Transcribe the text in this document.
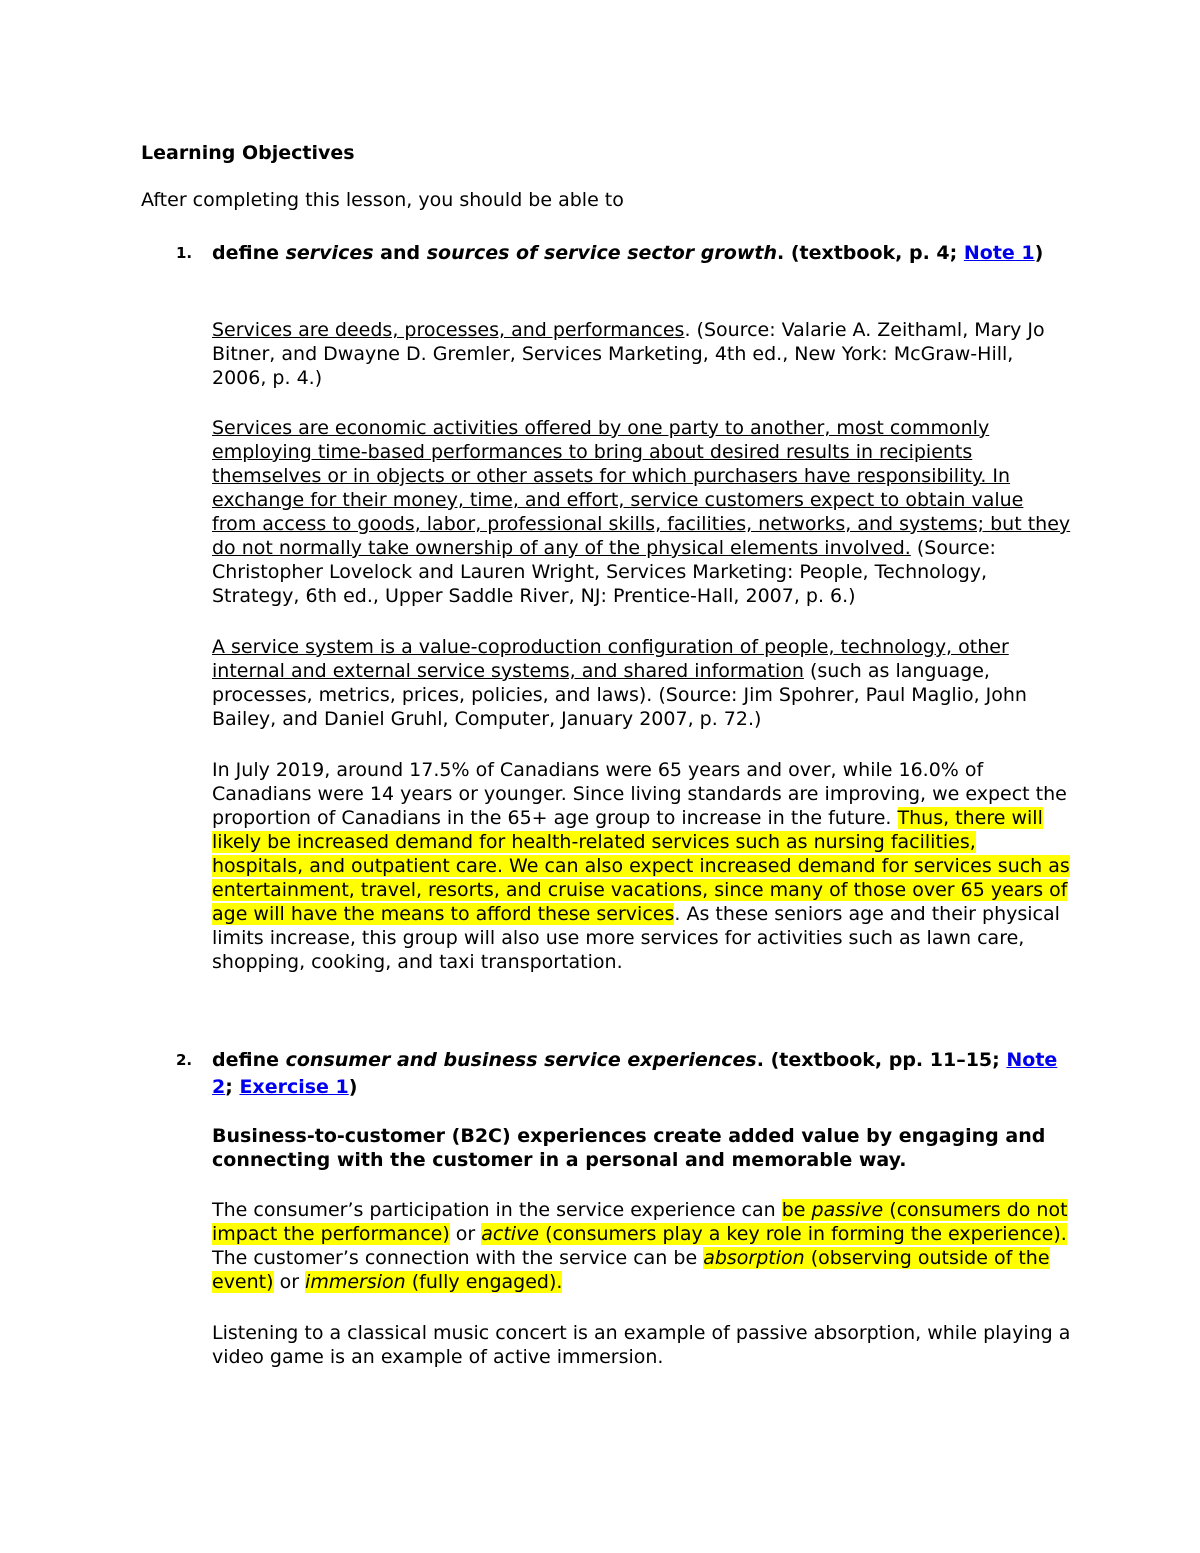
Learning Objectives
After completing this lesson, you should be able to
1. define services and sources of service sector growth. (textbook, p. 4; Note 1)
Services are deeds, processes, and performances. (Source: Valarie A. Zeithaml, Mary Jo Bitner, and Dwayne D. Gremler, Services Marketing, 4th ed., New York: McGraw-Hill, 2006, p. 4.)
Services are economic activities offered by one party to another, most commonly employing time-based performances to bring about desired results in recipients themselves or in objects or other assets for which purchasers have responsibility. In exchange for their money, time, and effort, service customers expect to obtain value from access to goods, labor, professional skills, facilities, networks, and systems; but they do not normally take ownership of any of the physical elements involved. (Source: Christopher Lovelock and Lauren Wright, Services Marketing: People, Technology, Strategy, 6th ed., Upper Saddle River, NJ: Prentice-Hall, 2007, p. 6.)
A service system is a value-coproduction configuration of people, technology, other internal and external service systems, and shared information (such as language, processes, metrics, prices, policies, and laws). (Source: Jim Spohrer, Paul Maglio, John Bailey, and Daniel Gruhl, Computer, January 2007, p. 72.)
In July 2019, around 17.5% of Canadians were 65 years and over, while 16.0% of Canadians were 14 years or younger. Since living standards are improving, we expect the proportion of Canadians in the 65+ age group to increase in the future. Thus, there will likely be increased demand for health-related services such as nursing facilities, hospitals, and outpatient care. We can also expect increased demand for services such as entertainment, travel, resorts, and cruise vacations, since many of those over 65 years of age will have the means to afford these services. As these seniors age and their physical limits increase, this group will also use more services for activities such as lawn care, shopping, cooking, and taxi transportation.
2. define consumer and business service experiences. (textbook, pp. 11–15; Note 2; Exercise 1)
Business-to-customer (B2C) experiences create added value by engaging and connecting with the customer in a personal and memorable way.
The consumer’s participation in the service experience can be passive (consumers do not impact the performance) or active (consumers play a key role in forming the experience). The customer’s connection with the service can be absorption (observing outside of the event) or immersion (fully engaged).
Listening to a classical music concert is an example of passive absorption, while playing a video game is an example of active immersion.
